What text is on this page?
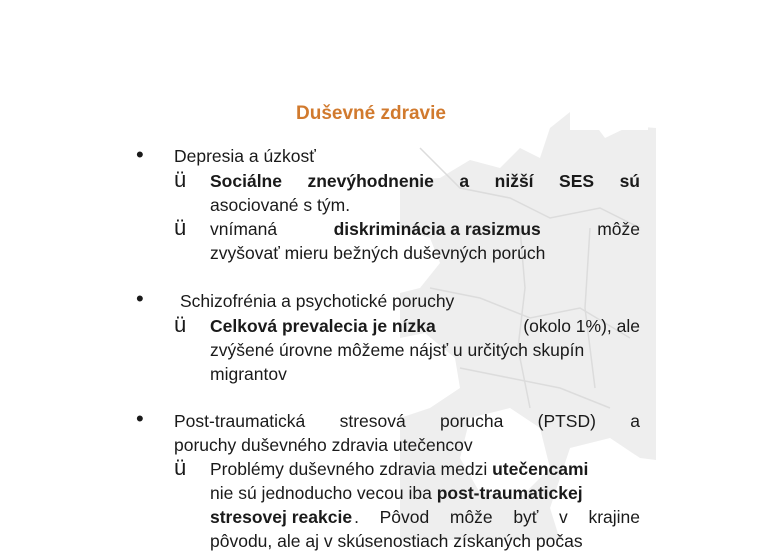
Duševné zdravie
• Depresia a úzkosť
ü Sociálne znevýhodnenie a nižší SES sú
asociované s tým.
ü vnímaná	diskriminácia a rasizmus	môže
zvyšovať mieru bežných duševných porúch
• Schizofrénia a psychotické poruchy
ü Celková prevalecia je nízka	(okolo 1%), ale
zvýšené úrovne môžeme nájsť u určitých skupín
migrantov
• Post-traumatická stresová porucha (PTSD) a
poruchy duševného zdravia utečencov
ü Problémy duševného zdravia medzi utečencami
nie sú jednoducho vecou iba post-traumatickej
stresovej reakcie . Pôvod môže byť v krajine
pôvodu, ale aj v skúsenostiach získaných počas
